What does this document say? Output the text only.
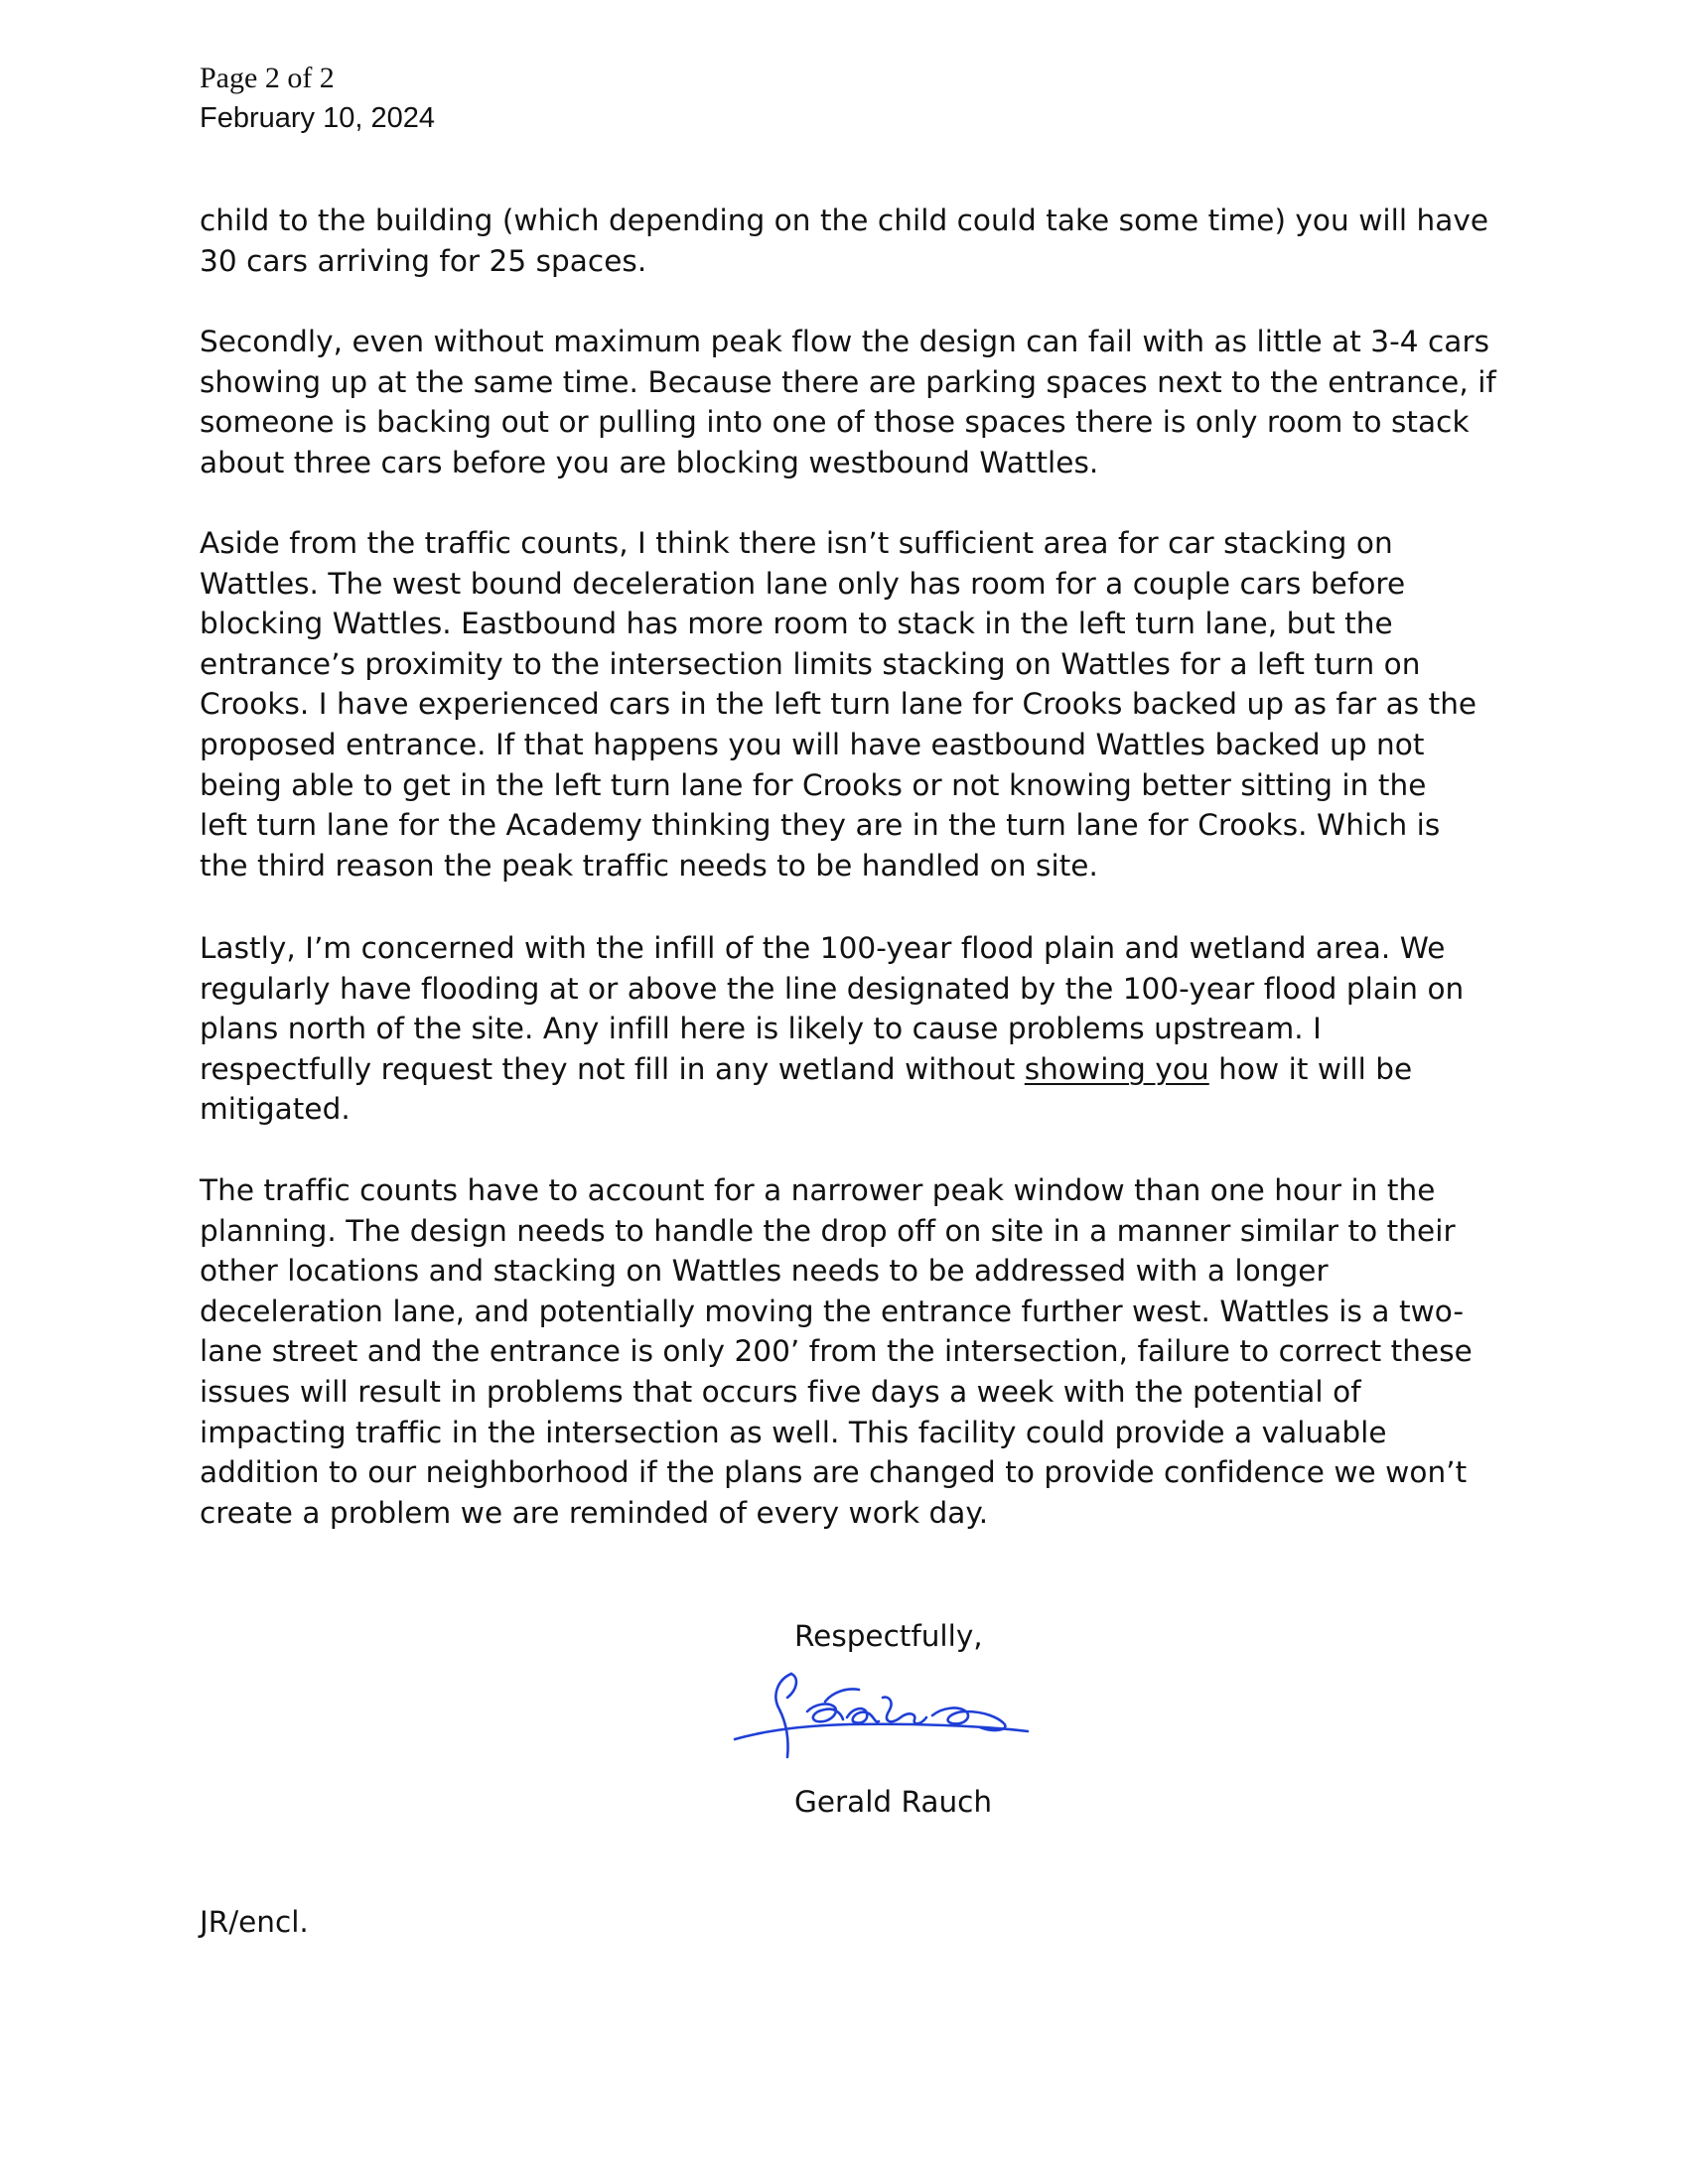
Page 2 of 2
February 10, 2024

child to the building (which depending on the child could take some time) you will have
30 cars arriving for 25 spaces.

Secondly, even without maximum peak flow the design can fail with as little at 3-4 cars
showing up at the same time. Because there are parking spaces next to the entrance, if
someone is backing out or pulling into one of those spaces there is only room to stack
about three cars before you are blocking westbound Wattles.

Aside from the traffic counts, I think there isn’t sufficient area for car stacking on
Wattles. The west bound deceleration lane only has room for a couple cars before
blocking Wattles. Eastbound has more room to stack in the left turn lane, but the
entrance’s proximity to the intersection limits stacking on Wattles for a left turn on
Crooks. I have experienced cars in the left turn lane for Crooks backed up as far as the
proposed entrance. If that happens you will have eastbound Wattles backed up not
being able to get in the left turn lane for Crooks or not knowing better sitting in the
left turn lane for the Academy thinking they are in the turn lane for Crooks. Which is
the third reason the peak traffic needs to be handled on site.

Lastly, I’m concerned with the infill of the 100-year flood plain and wetland area. We
regularly have flooding at or above the line designated by the 100-year flood plain on
plans north of the site. Any infill here is likely to cause problems upstream. I
respectfully request they not fill in any wetland without showing you how it will be
mitigated.

The traffic counts have to account for a narrower peak window than one hour in the
planning. The design needs to handle the drop off on site in a manner similar to their
other locations and stacking on Wattles needs to be addressed with a longer
deceleration lane, and potentially moving the entrance further west. Wattles is a two-
lane street and the entrance is only 200’ from the intersection, failure to correct these
issues will result in problems that occurs five days a week with the potential of
impacting traffic in the intersection as well. This facility could provide a valuable
addition to our neighborhood if the plans are changed to provide confidence we won’t
create a problem we are reminded of every work day.

Respectfully,
Gerald Rauch
JR/encl.
